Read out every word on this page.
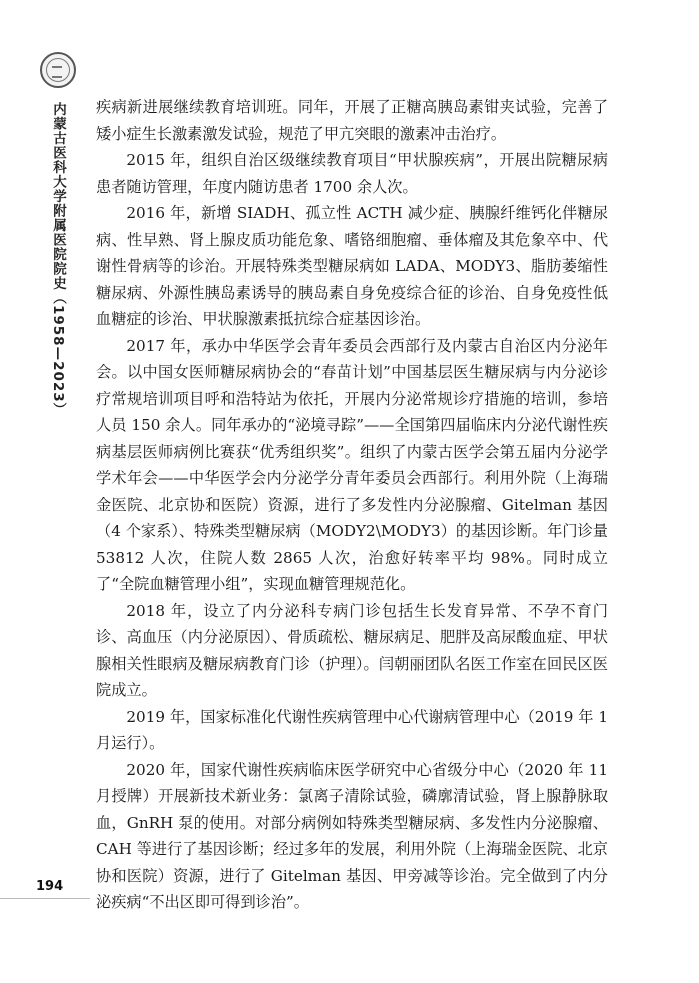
内蒙古医科大学附属医院院史（1958—2023） 疾病新进展继续教育培训班。同年，开展了正糖高胰岛素钳夹试验，完善了矮小症生长激素激发试验，规范了甲亢突眼的激素冲击治疗。

2015 年，组织自治区级继续教育项目“甲状腺疾病”，开展出院糖尿病患者随访管理，年度内随访患者 1700 余人次。

2016 年，新增 SIADH、孤立性 ACTH 减少症、胰腺纤维钙化伴糖尿病、性早熟、肾上腺皮质功能危象、嗜铬细胞瘤、垂体瘤及其危象卒中、代谢性骨病等的诊治。开展特殊类型糖尿病如 LADA、MODY3、脂肪萎缩性糖尿病、外源性胰岛素诱导的胰岛素自身免疫综合征的诊治、自身免疫性低血糖症的诊治、甲状腺激素抵抗综合症基因诊治。

2017 年，承办中华医学会青年委员会西部行及内蒙古自治区内分泌年会。以中国女医师糖尿病协会的“春苗计划”中国基层医生糖尿病与内分泌诊疗常规培训项目呼和浩特站为依托，开展内分泌常规诊疗措施的培训，参培人员 150 余人。同年承办的“泌境寻踪”——全国第四届临床内分泌代谢性疾病基层医师病例比赛获“优秀组织奖”。组织了内蒙古医学会第五届内分泌学学术年会——中华医学会内分泌学分青年委员会西部行。利用外院（上海瑞金医院、北京协和医院）资源，进行了多发性内分泌腺瘤、Gitelman 基因（4 个家系）、特殊类型糖尿病（MODY2\MODY3）的基因诊断。年门诊量 53812 人次，住院人数 2865 人次，治愈好转率平均 98%。同时成立了“全院血糖管理小组”，实现血糖管理规范化。

2018 年，设立了内分泌科专病门诊包括生长发育异常、不孕不育门诊、高血压（内分泌原因）、骨质疏松、糖尿病足、肥胖及高尿酸血症、甲状腺相关性眼病及糖尿病教育门诊（护理）。闫朝丽团队名医工作室在回民区医院成立。

2019 年，国家标准化代谢性疾病管理中心代谢病管理中心（2019 年 1 月运行）。

2020 年，国家代谢性疾病临床医学研究中心省级分中心（2020 年 11 月授牌）开展新技术新业务：氯离子清除试验，磷廓清试验，肾上腺静脉取血，GnRH 泵的使用。对部分病例如特殊类型糖尿病、多发性内分泌腺瘤、CAH 等进行了基因诊断；经过多年的发展，利用外院（上海瑞金医院、北京协和医院）资源，进行了 Gitelman 基因、甲旁减等诊治。完全做到了内分泌疾病“不出区即可得到诊治”。

194
